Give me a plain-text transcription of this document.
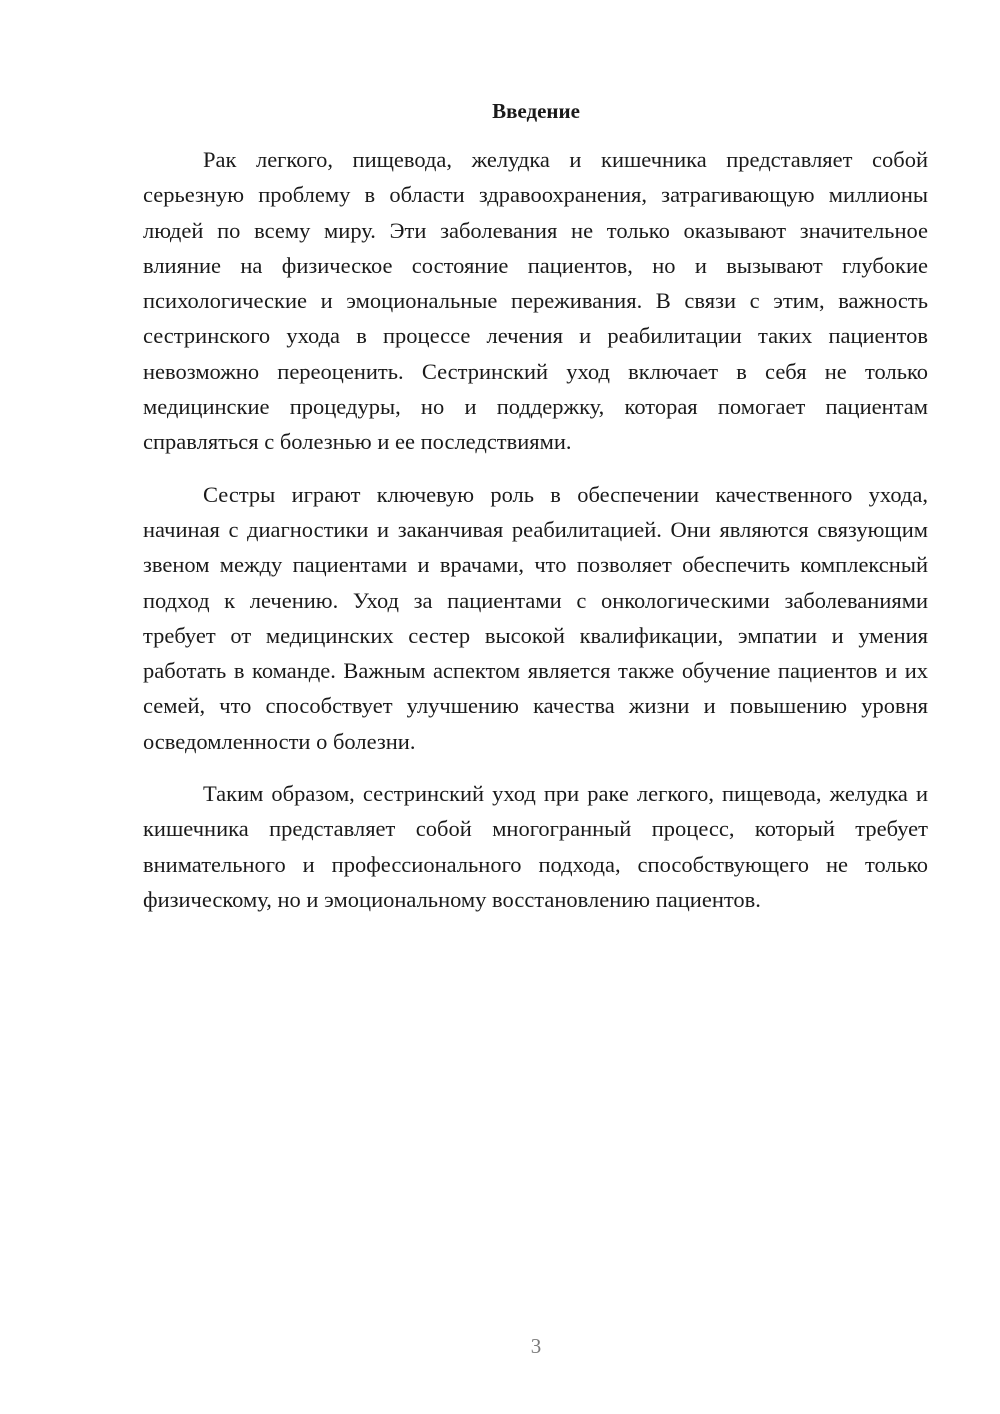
Введение

Рак легкого, пищевода, желудка и кишечника представляет собой серьезную проблему в области здравоохранения, затрагивающую миллионы людей по всему миру. Эти заболевания не только оказывают значительное влияние на физическое состояние пациентов, но и вызывают глубокие психологические и эмоциональные переживания. В связи с этим, важность сестринского ухода в процессе лечения и реабилитации таких пациентов невозможно переоценить. Сестринский уход включает в себя не только медицинские процедуры, но и поддержку, которая помогает пациентам справляться с болезнью и ее последствиями.

Сестры играют ключевую роль в обеспечении качественного ухода, начиная с диагностики и заканчивая реабилитацией. Они являются связующим звеном между пациентами и врачами, что позволяет обеспечить комплексный подход к лечению. Уход за пациентами с онкологическими заболеваниями требует от медицинских сестер высокой квалификации, эмпатии и умения работать в команде. Важным аспектом является также обучение пациентов и их семей, что способствует улучшению качества жизни и повышению уровня осведомленности о болезни.

Таким образом, сестринский уход при раке легкого, пищевода, желудка и кишечника представляет собой многогранный процесс, который требует внимательного и профессионального подхода, способствующего не только физическому, но и эмоциональному восстановлению пациентов.

3
